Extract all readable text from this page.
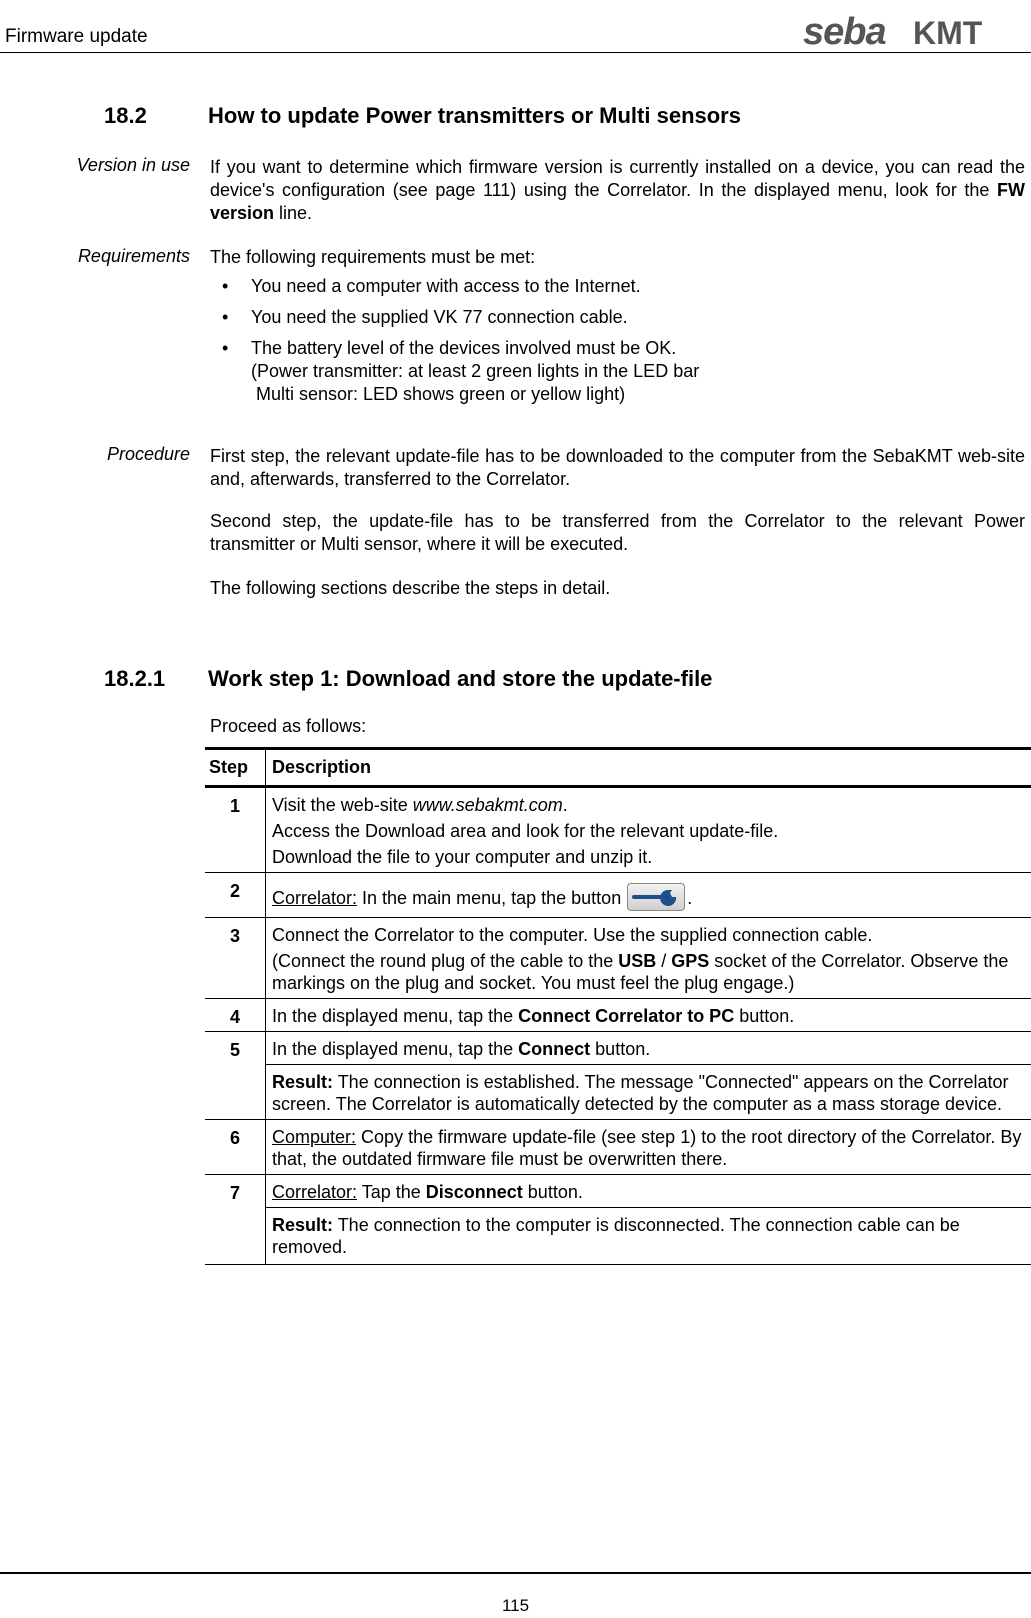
Firmware update	seba KMT
18.2	How to update Power transmitters or Multi sensors
Version in use If you want to determine which firmware version is currently installed on a device, you can read the device's configuration (see page 111) using the Correlator. In the displayed menu, look for the FW version line.
Requirements The following requirements must be met:
• You need a computer with access to the Internet.
• You need the supplied VK 77 connection cable.
• The battery level of the devices involved must be OK.
(Power transmitter: at least 2 green lights in the LED bar
Multi sensor: LED shows green or yellow light)
Procedure First step, the relevant update-file has to be downloaded to the computer from the SebaKMT web-site and, afterwards, transferred to the Correlator.
Second step, the update-file has to be transferred from the Correlator to the relevant Power transmitter or Multi sensor, where it will be executed.
The following sections describe the steps in detail.
18.2.1 Work step 1: Download and store the update-file
Proceed as follows:
Step	Description

1	Visit the web-site www.sebakmt.com.
Access the Download area and look for the relevant update-file.
Download the file to your computer and unzip it.

2	Correlator: In the main menu, tap the button .

3	Connect the Correlator to the computer. Use the supplied connection cable.
(Connect the round plug of the cable to the USB / GPS socket of the Correlator. Observe the markings on the plug and socket. You must feel the plug engage.)

4	In the displayed menu, tap the Connect Correlator to PC button.

5	In the displayed menu, tap the Connect button.
Result: The connection is established. The message "Connected" appears on the Correlator screen. The Correlator is automatically detected by the computer as a mass storage device.

6	Computer: Copy the firmware update-file (see step 1) to the root directory of the Correlator. By that, the outdated firmware file must be overwritten there.

7	Correlator: Tap the Disconnect button.
Result: The connection to the computer is disconnected. The connection cable can be removed.
115
